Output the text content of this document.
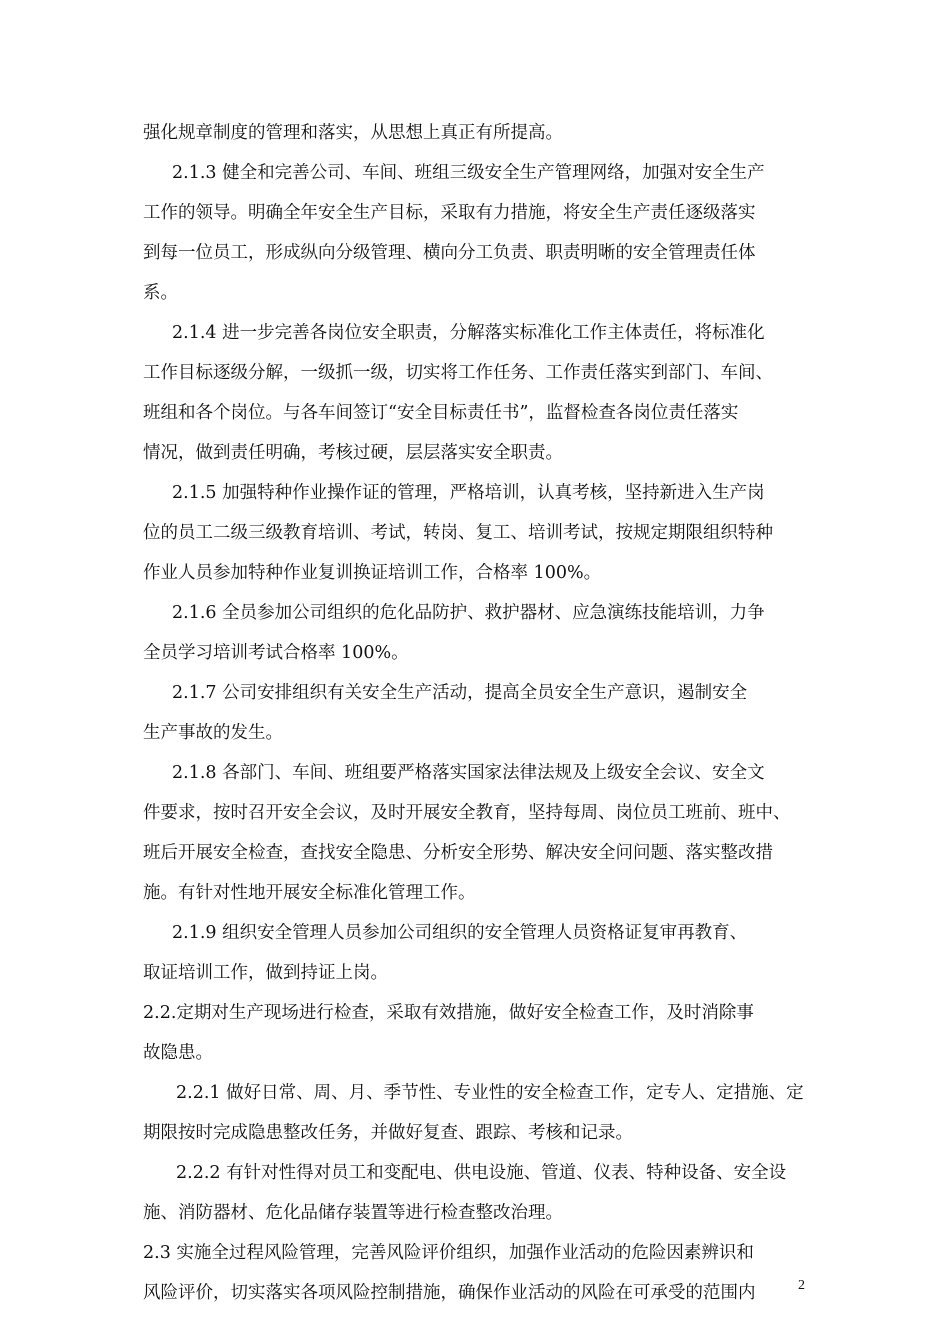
强化规章制度的管理和落实，从思想上真正有所提高。
2.1.3 健全和完善公司、车间、班组三级安全生产管理网络，加强对安全生产
工作的领导。明确全年安全生产目标，采取有力措施，将安全生产责任逐级落实
到每一位员工，形成纵向分级管理、横向分工负责、职责明晰的安全管理责任体
系。
2.1.4 进一步完善各岗位安全职责，分解落实标准化工作主体责任，将标准化
工作目标逐级分解，一级抓一级，切实将工作任务、工作责任落实到部门、车间、
班组和各个岗位。与各车间签订“安全目标责任书”，监督检查各岗位责任落实
情况，做到责任明确，考核过硬，层层落实安全职责。
2.1.5 加强特种作业操作证的管理，严格培训，认真考核，坚持新进入生产岗
位的员工二级三级教育培训、考试，转岗、复工、培训考试，按规定期限组织特种
作业人员参加特种作业复训换证培训工作，合格率 100%。
2.1.6 全员参加公司组织的危化品防护、救护器材、应急演练技能培训，力争
全员学习培训考试合格率 100%。
2.1.7 公司安排组织有关安全生产活动，提高全员安全生产意识，遏制安全
生产事故的发生。
2.1.8 各部门、车间、班组要严格落实国家法律法规及上级安全会议、安全文
件要求，按时召开安全会议，及时开展安全教育，坚持每周、岗位员工班前、班中、
班后开展安全检查，查找安全隐患、分析安全形势、解决安全问问题、落实整改措
施。有针对性地开展安全标准化管理工作。
2.1.9 组织安全管理人员参加公司组织的安全管理人员资格证复审再教育、
取证培训工作，做到持证上岗。
2.2.定期对生产现场进行检查，采取有效措施，做好安全检查工作，及时消除事
故隐患。
2.2.1 做好日常、周、月、季节性、专业性的安全检查工作，定专人、定措施、定
期限按时完成隐患整改任务，并做好复查、跟踪、考核和记录。
2.2.2 有针对性得对员工和变配电、供电设施、管道、仪表、特种设备、安全设
施、消防器材、危化品储存装置等进行检查整改治理。
2.3 实施全过程风险管理，完善风险评价组织，加强作业活动的危险因素辨识和
风险评价，切实落实各项风险控制措施，确保作业活动的风险在可承受的范围内	2
